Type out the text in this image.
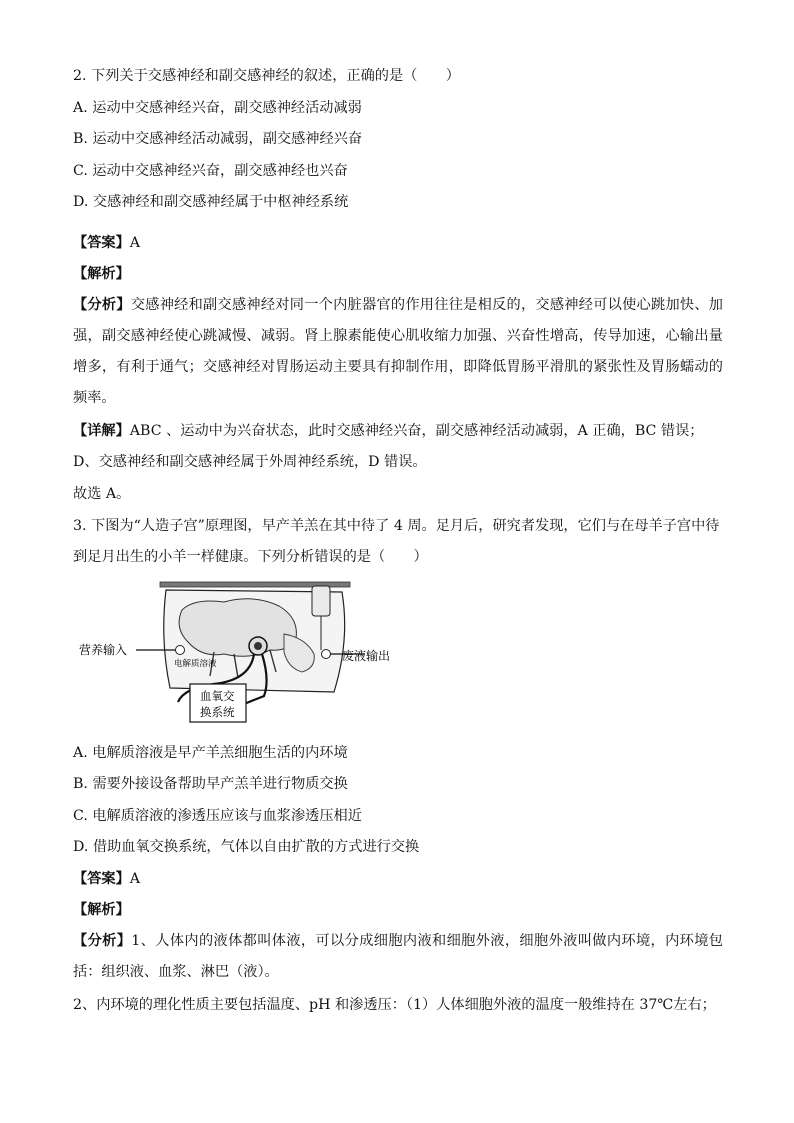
2. 下列关于交感神经和副交感神经的叙述，正确的是（　　）
A. 运动中交感神经兴奋，副交感神经活动减弱
B. 运动中交感神经活动减弱，副交感神经兴奋
C. 运动中交感神经兴奋，副交感神经也兴奋
D. 交感神经和副交感神经属于中枢神经系统
【答案】A
【解析】
【分析】交感神经和副交感神经对同一个内脏器官的作用往往是相反的，交感神经可以使心跳加快、加强，副交感神经使心跳减慢、减弱。肾上腺素能使心肌收缩力加强、兴奋性增高，传导加速，心输出量增多，有利于通气；交感神经对胃肠运动主要具有抑制作用，即降低胃肠平滑肌的紧张性及胃肠蠕动的频率。
【详解】ABC 、运动中为兴奋状态，此时交感神经兴奋，副交感神经活动减弱，A 正确，BC 错误；
D、交感神经和副交感神经属于外周神经系统，D 错误。
故选 A。
3. 下图为“人造子宫”原理图，早产羊羔在其中待了 4 周。足月后，研究者发现，它们与在母羊子宫中待
到足月出生的小羊一样健康。下列分析错误的是（　　）
营养输入
电解质溶液
废液输出
血氧交
换系统
A. 电解质溶液是早产羊羔细胞生活的内环境
B. 需要外接设备帮助早产羔羊进行物质交换
C. 电解质溶液的渗透压应该与血浆渗透压相近
D. 借助血氧交换系统，气体以自由扩散的方式进行交换
【答案】A
【解析】
【分析】1、人体内的液体都叫体液，可以分成细胞内液和细胞外液，细胞外液叫做内环境，内环境包括：组织液、血浆、淋巴（液）。
2、内环境的理化性质主要包括温度、pH 和渗透压：（1）人体细胞外液的温度一般维持在 37℃左右；
